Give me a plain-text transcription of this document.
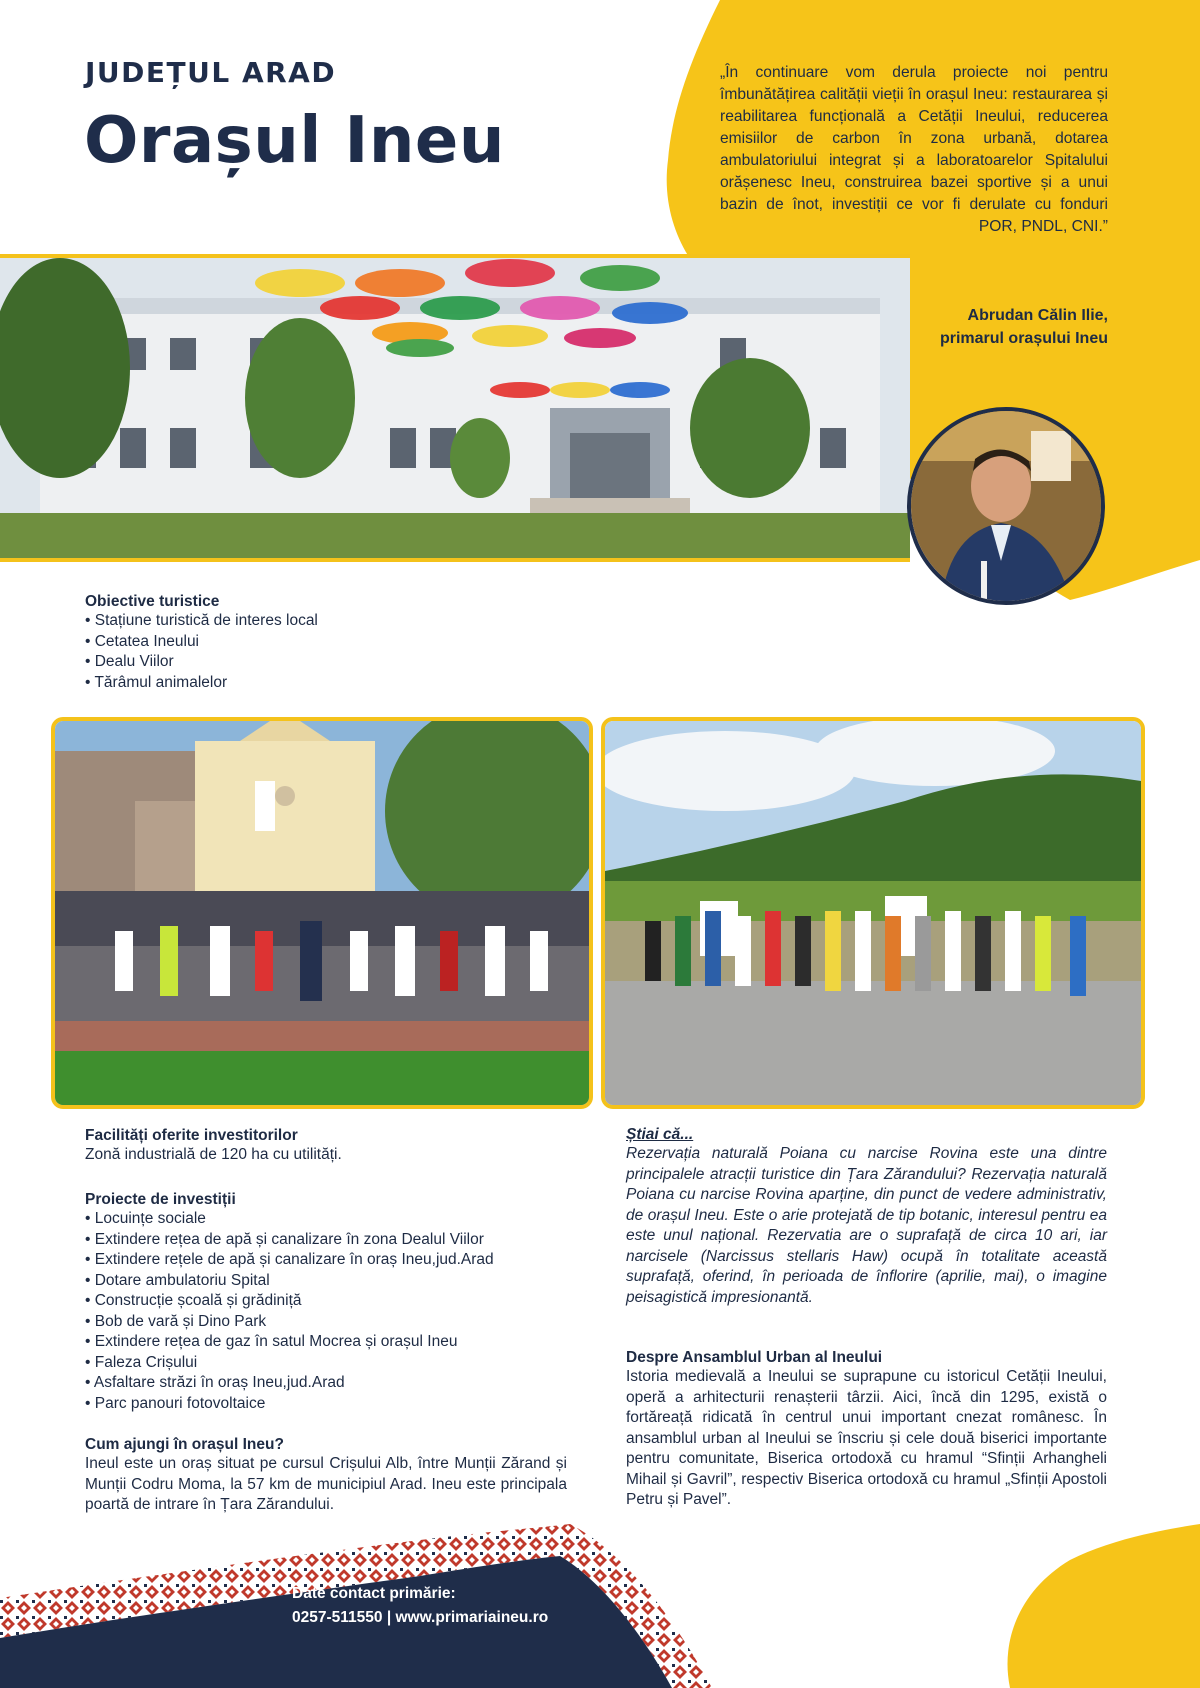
JUDEȚUL ARAD
Orașul Ineu
„În continuare vom derula proiecte noi pentru îmbunătățirea calității vieții în orașul Ineu: restaurarea și reabilitarea funcțională a Cetății Ineului, reducerea emisiilor de carbon în zona urbană, dotarea ambulatoriului integrat și a laboratoarelor Spitalului orășenesc Ineu, construirea bazei sportive și a unui bazin de înot, investiții ce vor fi derulate cu fonduri POR, PNDL, CNI.”
Abrudan Călin Ilie,
primarul orașului Ineu
Obiective turistice
• Stațiune turistică de interes local
• Cetatea Ineului
• Dealu Viilor
• Tărâmul animalelor
Facilități oferite investitorilor
Zonă industrială de 120 ha cu utilități.
Proiecte de investiții
• Locuințe sociale
• Extindere rețea de apă și canalizare în zona Dealul Viilor
• Extindere rețele de apă și canalizare în oraș Ineu,jud.Arad
• Dotare ambulatoriu Spital
• Construcție școală și grădiniță
• Bob de vară și Dino Park
• Extindere rețea de gaz în satul Mocrea și orașul Ineu
• Faleza Crișului
• Asfaltare străzi în oraș Ineu,jud.Arad
• Parc panouri fotovoltaice
Cum ajungi în orașul Ineu?
Ineul este un oraș situat pe cursul Crișului Alb, între Munții Zărand și Munții Codru Moma, la 57 km de municipiul Arad. Ineu este principala poartă de intrare în Țara Zărandului.
Știai că...
Rezervația naturală Poiana cu narcise Rovina este una dintre principalele atracții turistice din Țara Zărandului? Rezervația naturală Poiana cu narcise Rovina aparține, din punct de vedere administrativ, de orașul Ineu. Este o arie protejată de tip botanic, interesul pentru ea este unul național. Rezervatia are o suprafață de circa 10 ari, iar narcisele (Narcissus stellaris Haw) ocupă în totalitate această suprafață, oferind, în perioada de înflorire (aprilie, mai), o imagine peisagistică impresionantă.
Despre Ansamblul Urban al Ineului
Istoria medievală a Ineului se suprapune cu istoricul Cetății Ineului, operă a arhitecturii renașterii târzii. Aici, încă din 1295, există o fortăreață ridicată în centrul unui important cnezat românesc. În ansamblul urban al Ineului se înscriu și cele două biserici importante pentru comunitate, Biserica ortodoxă cu hramul “Sfinții Arhangheli Mihail și Gavril”, respectiv Biserica ortodoxă cu hramul „Sfinții Apostoli Petru și Pavel”.
Date contact primărie:
0257-511550 | www.primariaineu.ro
